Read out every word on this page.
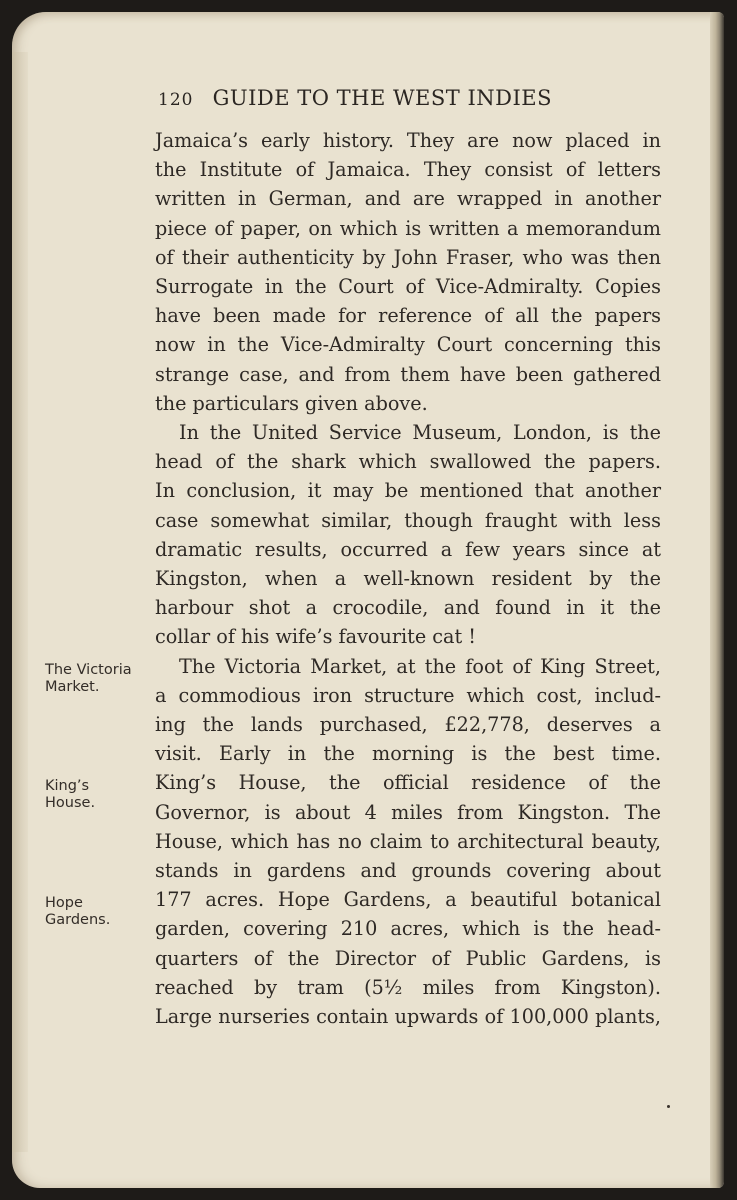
120 GUIDE TO THE WEST INDIES
Jamaica’s early history. They are now placed in
the Institute of Jamaica. They consist of letters
written in German, and are wrapped in another
piece of paper, on which is written a memorandum
of their authenticity by John Fraser, who was then
Surrogate in the Court of Vice-Admiralty. Copies
have been made for reference of all the papers
now in the Vice-Admiralty Court concerning this
strange case, and from them have been gathered
the particulars given above.
In the United Service Museum, London, is the
head of the shark which swallowed the papers.
In conclusion, it may be mentioned that another
case somewhat similar, though fraught with less
dramatic results, occurred a few years since at
Kingston, when a well-known resident by the
harbour shot a crocodile, and found in it the
collar of his wife’s favourite cat !
The Victoria Market, at the foot of King Street,
a commodious iron structure which cost, includ-
ing the lands purchased, £22,778, deserves a
visit. Early in the morning is the best time.
King’s House, the official residence of the
Governor, is about 4 miles from Kingston. The
House, which has no claim to architectural beauty,
stands in gardens and grounds covering about
177 acres. Hope Gardens, a beautiful botanical
garden, covering 210 acres, which is the head-
quarters of the Director of Public Gardens, is
reached by tram (5½ miles from Kingston).
Large nurseries contain upwards of 100,000 plants,
The Victoria
Market.
King’s
House.
Hope
Gardens.
